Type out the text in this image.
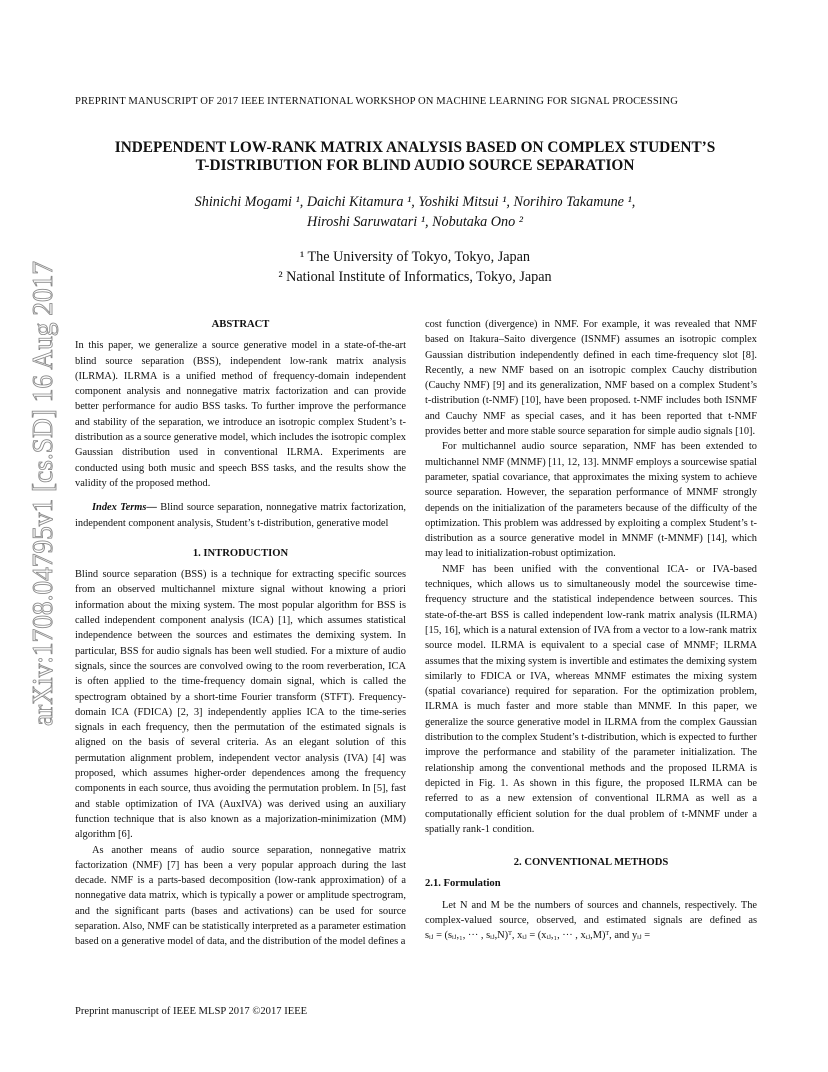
PREPRINT MANUSCRIPT OF 2017 IEEE INTERNATIONAL WORKSHOP ON MACHINE LEARNING FOR SIGNAL PROCESSING
INDEPENDENT LOW-RANK MATRIX ANALYSIS BASED ON COMPLEX STUDENT’S
T-DISTRIBUTION FOR BLIND AUDIO SOURCE SEPARATION
Shinichi Mogami ¹, Daichi Kitamura ¹, Yoshiki Mitsui ¹, Norihiro Takamune ¹,
Hiroshi Saruwatari ¹, Nobutaka Ono ²
¹ The University of Tokyo, Tokyo, Japan
² National Institute of Informatics, Tokyo, Japan
arXiv:1708.04795v1 [cs.SD] 16 Aug 2017	ABSTRACT

In this paper, we generalize a source generative model in a state-of-the-art blind source separation (BSS), independent low-rank matrix analysis (ILRMA). ILRMA is a unified method of frequency-domain independent component analysis and nonnegative matrix factorization and can provide better performance for audio BSS tasks. To further improve the performance and stability of the separation, we introduce an isotropic complex Student’s t-distribution as a source generative model, which includes the isotropic complex Gaussian distribution used in conventional ILRMA. Experiments are conducted using both music and speech BSS tasks, and the results show the validity of the proposed method.

Index Terms— Blind source separation, nonnegative matrix factorization, independent component analysis, Student’s t-distribution, generative model

1. INTRODUCTION

Blind source separation (BSS) is a technique for extracting specific sources from an observed multichannel mixture signal without knowing a priori information about the mixing system. The most popular algorithm for BSS is called independent component analysis (ICA) [1], which assumes statistical independence between the sources and estimates the demixing system. In particular, BSS for audio signals has been well studied. For a mixture of audio signals, since the sources are convolved owing to the room reverberation, ICA is often applied to the time-frequency domain signal, which is called the spectrogram obtained by a short-time Fourier transform (STFT). Frequency-domain ICA (FDICA) [2, 3] independently applies ICA to the time-series signals in each frequency, then the permutation of the estimated signals is aligned on the basis of several criteria. As an elegant solution of this permutation alignment problem, independent vector analysis (IVA) [4] was proposed, which assumes higher-order dependences among the frequency components in each source, thus avoiding the permutation problem. In [5], fast and stable optimization of IVA (AuxIVA) was derived using an auxiliary function technique that is also known as a majorization-minimization (MM) algorithm [6].

As another means of audio source separation, nonnegative matrix factorization (NMF) [7] has been a very popular approach during the last decade. NMF is a parts-based decomposition (low-rank approximation) of a nonnegative data matrix, which is typically a power or amplitude spectrogram, and the significant parts (bases and activations) can be used for source separation. Also, NMF can be statistically interpreted as a parameter estimation based on a generative model of data, and the distribution of the model defines a

cost function (divergence) in NMF. For example, it was revealed that NMF based on Itakura–Saito divergence (ISNMF) assumes an isotropic complex Gaussian distribution independently defined in each time-frequency slot [8]. Recently, a new NMF based on an isotropic complex Cauchy distribution (Cauchy NMF) [9] and its generalization, NMF based on a complex Student’s t-distribution (t-NMF) [10], have been proposed. t-NMF includes both ISNMF and Cauchy NMF as special cases, and it has been reported that t-NMF provides better and more stable source separation for simple audio signals [10].

For multichannel audio source separation, NMF has been extended to multichannel NMF (MNMF) [11, 12, 13]. MNMF employs a sourcewise spatial parameter, spatial covariance, that approximates the mixing system to achieve source separation. However, the separation performance of MNMF strongly depends on the initialization of the parameters because of the difficulty of the optimization. This problem was addressed by exploiting a complex Student’s t-distribution as a source generative model in MNMF (t-MNMF) [14], which may lead to initialization-robust optimization.

NMF has been unified with the conventional ICA- or IVA-based techniques, which allows us to simultaneously model the sourcewise time-frequency structure and the statistical independence between sources. This state-of-the-art BSS is called independent low-rank matrix analysis (ILRMA) [15, 16], which is a natural extension of IVA from a vector to a low-rank matrix source model. ILRMA is equivalent to a special case of MNMF; ILRMA assumes that the mixing system is invertible and estimates the demixing system similarly to FDICA or IVA, whereas MNMF estimates the mixing system (spatial covariance) required for separation. For the optimization problem, ILRMA is much faster and more stable than MNMF. In this paper, we generalize the source generative model in ILRMA from the complex Gaussian distribution to the complex Student’s t-distribution, which is expected to further improve the performance and stability of the parameter initialization. The relationship among the conventional methods and the proposed ILRMA is depicted in Fig. 1. As shown in this figure, the proposed ILRMA can be referred to as a new extension of conventional ILRMA as well as a computationally efficient solution for the dual problem of t-MNMF under a spatially rank-1 condition.

2. CONVENTIONAL METHODS
2.1. Formulation

Let N and M be the numbers of sources and channels, respectively. The complex-valued source, observed, and estimated signals are defined as sᵢⱼ = (sᵢⱼ,₁, ··· , sᵢⱼ,N)ᵀ, xᵢⱼ = (xᵢⱼ,₁, ··· , xᵢⱼ,M)ᵀ, and yᵢⱼ =

Preprint manuscript of IEEE MLSP 2017 ©2017 IEEE
